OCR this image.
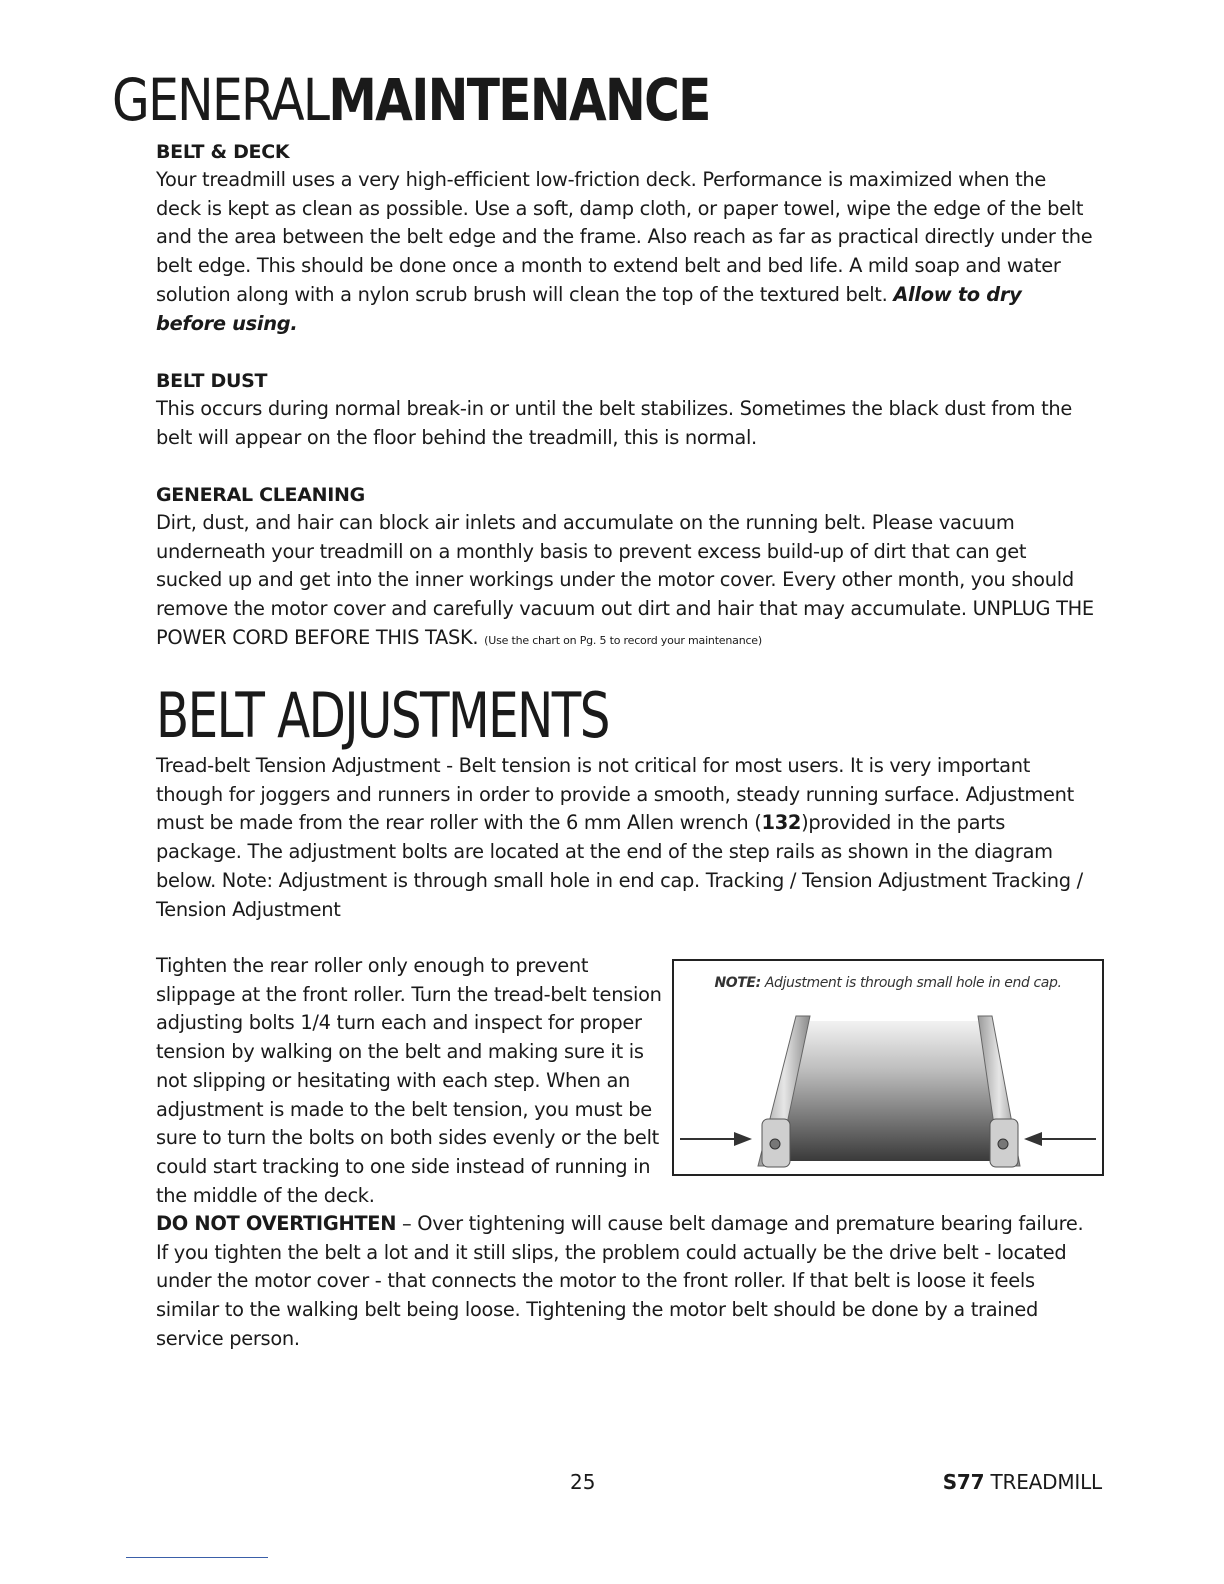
GENERALMAINTENANCE
BELT & DECK

Your treadmill uses a very high-efficient low-friction deck. Performance is maximized when the deck is kept as clean as possible. Use a soft, damp cloth, or paper towel, wipe the edge of the belt and the area between the belt edge and the frame. Also reach as far as practical directly under the belt edge. This should be done once a month to extend belt and bed life. A mild soap and water solution along with a nylon scrub brush will clean the top of the textured belt. Allow to dry before using.

BELT DUST

This occurs during normal break-in or until the belt stabilizes. Sometimes the black dust from the belt will appear on the floor behind the treadmill, this is normal.

GENERAL CLEANING

Dirt, dust, and hair can block air inlets and accumulate on the running belt. Please vacuum underneath your treadmill on a monthly basis to prevent excess build-up of dirt that can get sucked up and get into the inner workings under the motor cover. Every other month, you should remove the motor cover and carefully vacuum out dirt and hair that may accumulate. UNPLUG THE POWER CORD BEFORE THIS TASK. (Use the chart on Pg. 5 to record your maintenance)

BELT ADJUSTMENTS

Tread-belt Tension Adjustment - Belt tension is not critical for most users. It is very important though for joggers and runners in order to provide a smooth, steady running surface. Adjustment must be made from the rear roller with the 6 mm Allen wrench (132)provided in the parts package. The adjustment bolts are located at the end of the step rails as shown in the diagram below. Note: Adjustment is through small hole in end cap. Tracking / Tension Adjustment Tracking / Tension Adjustment

Tighten the rear roller only enough to prevent slippage at the front roller. Turn the tread-belt tension adjusting bolts 1/4 turn each and inspect for proper tension by walking on the belt and making sure it is not slipping or hesitating with each step. When an adjustment is made to the belt tension, you must be sure to turn the bolts on both sides evenly or the belt could start tracking to one side instead of running in the middle of the deck.

NOTE: Adjustment is through small hole in end cap.

DO NOT OVERTIGHTEN – Over tightening will cause belt damage and premature bearing failure. If you tighten the belt a lot and it still slips, the problem could actually be the drive belt - located under the motor cover - that connects the motor to the front roller. If that belt is loose it feels similar to the walking belt being loose. Tightening the motor belt should be done by a trained service person.

25	S77 TREADMILL
